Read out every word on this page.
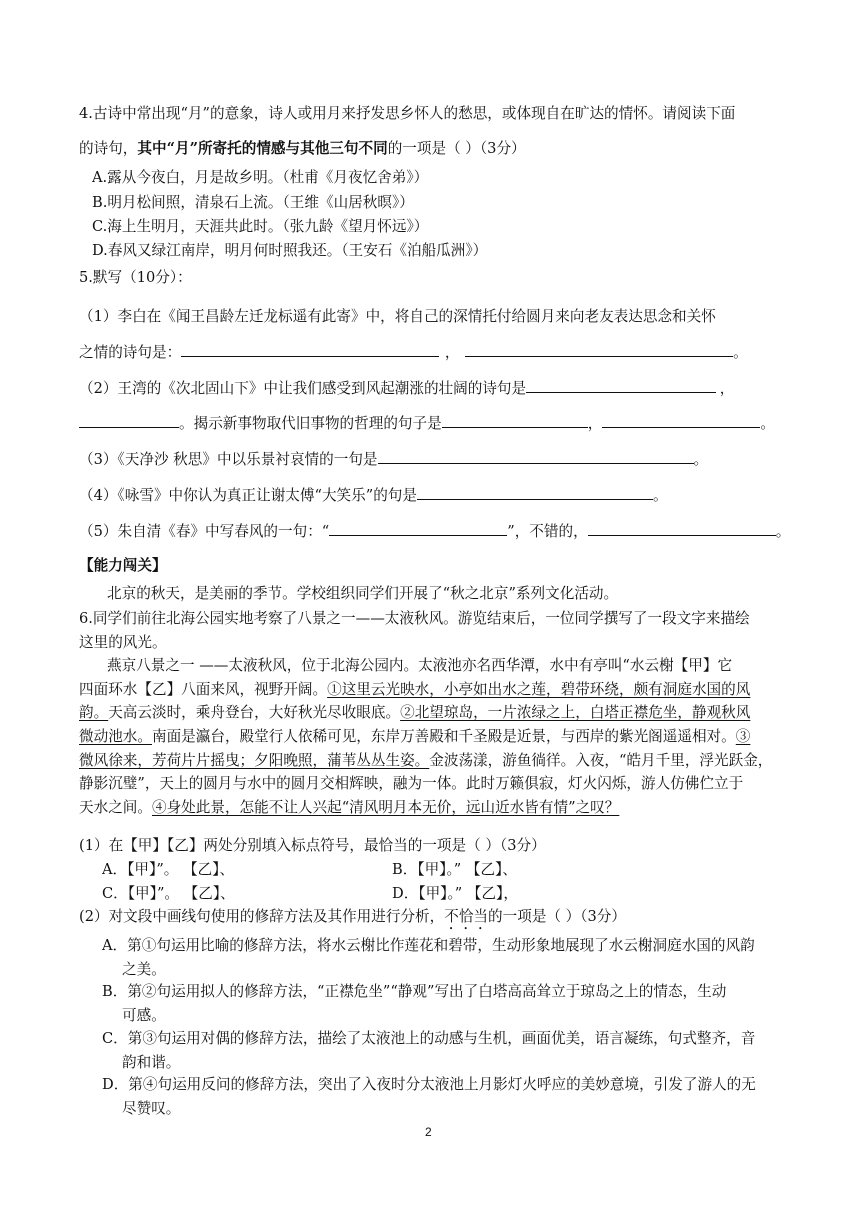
4.古诗中常出现“月”的意象，诗人或用月来抒发思乡怀人的愁思，或体现自在旷达的情怀。请阅读下面
的诗句，其中“月”所寄托的情感与其他三句不同的一项是（ ）（3分）
A.露从今夜白，月是故乡明。（杜甫《月夜忆舍弟》）
B.明月松间照，清泉石上流。（王维《山居秋暝》）
C.海上生明月，天涯共此时。（张九龄《望月怀远》）
D.春风又绿江南岸，明月何时照我还。（王安石《泊船瓜洲》）
5.默写（10分）：
（1）李白在《闻王昌龄左迁龙标遥有此寄》中，将自己的深情托付给圆月来向老友表达思念和关怀
之情的诗句是：	，	。
（2）王湾的《次北固山下》中让我们感受到风起潮涨的壮阔的诗句是	，
。揭示新事物取代旧事物的哲理的句子是	，	。
（3）《天净沙 秋思》中以乐景衬哀情的一句是	。
（4）《咏雪》中你认为真正让谢太傅“大笑乐”的句是	。
（5）朱自清《春》中写春风的一句：“	”，不错的，	。
【能力闯关】
北京的秋天，是美丽的季节。学校组织同学们开展了“秋之北京”系列文化活动。
6.同学们前往北海公园实地考察了八景之一——太液秋风。游览结束后，一位同学撰写了一段文字来描绘
这里的风光。
燕京八景之一 ——太液秋风，位于北海公园内。太液池亦名西华潭，水中有亭叫“水云榭【甲】它
四面环水【乙】八面来风，视野开阔。①这里云光映水，小亭如出水之莲，碧带环绕，颇有洞庭水国的风
韵。天高云淡时，乘舟登台，大好秋光尽收眼底。②北望琼岛，一片浓绿之上，白塔正襟危坐，静观秋风
微动池水。南面是瀛台，殿堂行人依稀可见，东岸万善殿和千圣殿是近景，与西岸的紫光阁遥遥相对。③
微风徐来，芳荷片片摇曳；夕阳晚照，蒲苇丛丛生姿。金波荡漾，游鱼徜徉。入夜，“皓月千里，浮光跃金，
静影沉璧”，天上的圆月与水中的圆月交相辉映，融为一体。此时万籁俱寂，灯火闪烁，游人仿佛伫立于
天水之间。④身处此景，怎能不让人兴起“清风明月本无价，远山近水皆有情”之叹？
(1）在【甲】【乙】两处分别填入标点符号，最恰当的一项是（ ）（3分）
A．【甲】”。 【乙】、	B．【甲】。” 【乙】、
C．【甲】”。 【乙】、	D．【甲】。” 【乙】，
(2）对文段中画线句使用的修辞方法及其作用进行分析，不恰当的一项是（ ）（3分）
A．第①句运用比喻的修辞方法，将水云榭比作莲花和碧带，生动形象地展现了水云榭洞庭水国的风韵
之美。
B．第②句运用拟人的修辞方法，“正襟危坐”“静观”写出了白塔高高耸立于琼岛之上的情态，生动
可感。
C．第③句运用对偶的修辞方法，描绘了太液池上的动感与生机，画面优美，语言凝练，句式整齐，音
韵和谐。
D．第④句运用反问的修辞方法，突出了入夜时分太液池上月影灯火呼应的美妙意境，引发了游人的无
尽赞叹。
2
